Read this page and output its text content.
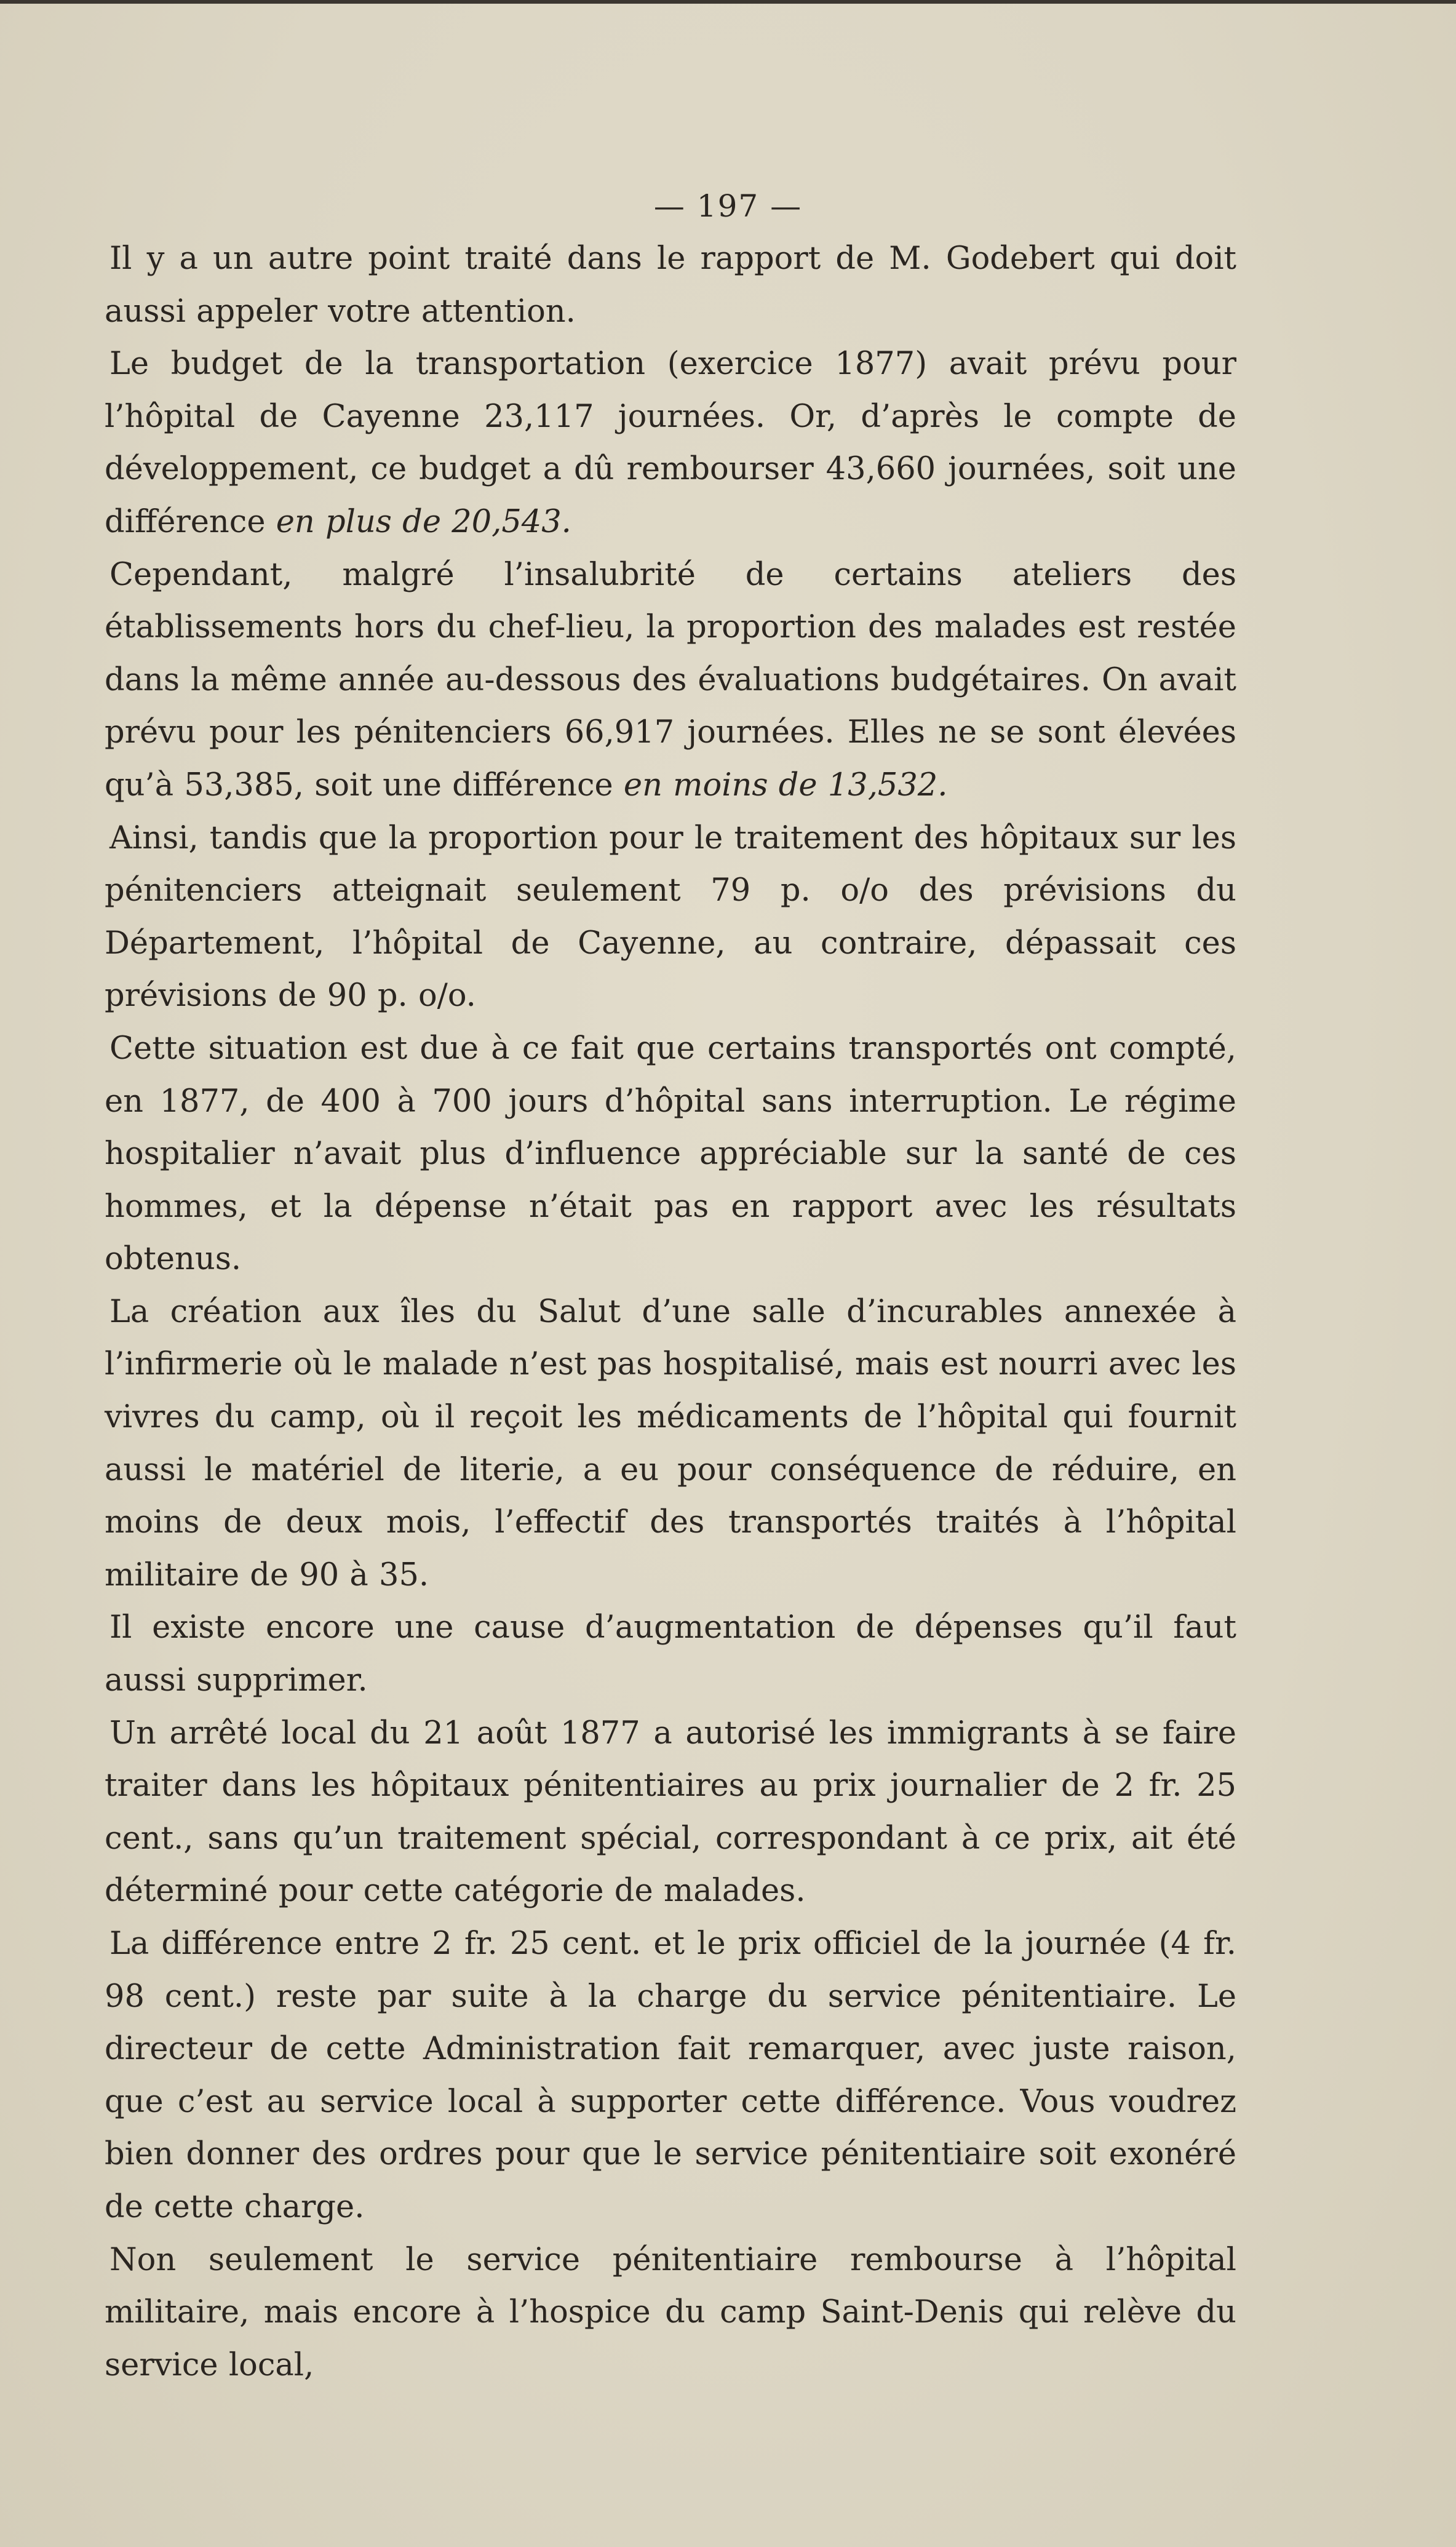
— 197 —

Il y a un autre point traité dans le rapport de M. Godebert qui doit aussi appeler votre attention.

Le budget de la transportation (exercice 1877) avait prévu pour l’hôpital de Cayenne 23,117 journées. Or, d’après le compte de développement, ce budget a dû rembourser 43,660 journées, soit une différence en plus de 20,543.

Cependant, malgré l’insalubrité de certains ateliers des établissements hors du chef-lieu, la proportion des malades est restée dans la même année au-dessous des évaluations budgétaires. On avait prévu pour les pénitenciers 66,917 journées. Elles ne se sont élevées qu’à 53,385, soit une différence en moins de 13,532.

Ainsi, tandis que la proportion pour le traitement des hôpitaux sur les pénitenciers atteignait seulement 79 p. o/o des prévisions du Département, l’hôpital de Cayenne, au contraire, dépassait ces prévisions de 90 p. o/o.

Cette situation est due à ce fait que certains transportés ont compté, en 1877, de 400 à 700 jours d’hôpital sans interruption. Le régime hospitalier n’avait plus d’influence appréciable sur la santé de ces hommes, et la dépense n’était pas en rapport avec les résultats obtenus.

La création aux îles du Salut d’une salle d’incurables annexée à l’infirmerie où le malade n’est pas hospitalisé, mais est nourri avec les vivres du camp, où il reçoit les médicaments de l’hôpital qui fournit aussi le matériel de literie, a eu pour conséquence de réduire, en moins de deux mois, l’effectif des transportés traités à l’hôpital militaire de 90 à 35.

Il existe encore une cause d’augmentation de dépenses qu’il faut aussi supprimer.

Un arrêté local du 21 août 1877 a autorisé les immigrants à se faire traiter dans les hôpitaux pénitentiaires au prix journalier de 2 fr. 25 cent., sans qu’un traitement spécial, correspondant à ce prix, ait été déterminé pour cette catégorie de malades.

La différence entre 2 fr. 25 cent. et le prix officiel de la journée (4 fr. 98 cent.) reste par suite à la charge du service pénitentiaire. Le directeur de cette Administration fait remarquer, avec juste raison, que c’est au service local à supporter cette différence. Vous voudrez bien donner des ordres pour que le service pénitentiaire soit exonéré de cette charge.

Non seulement le service pénitentiaire rembourse à l’hôpital militaire, mais encore à l’hospice du camp Saint-Denis qui relève du service local,
